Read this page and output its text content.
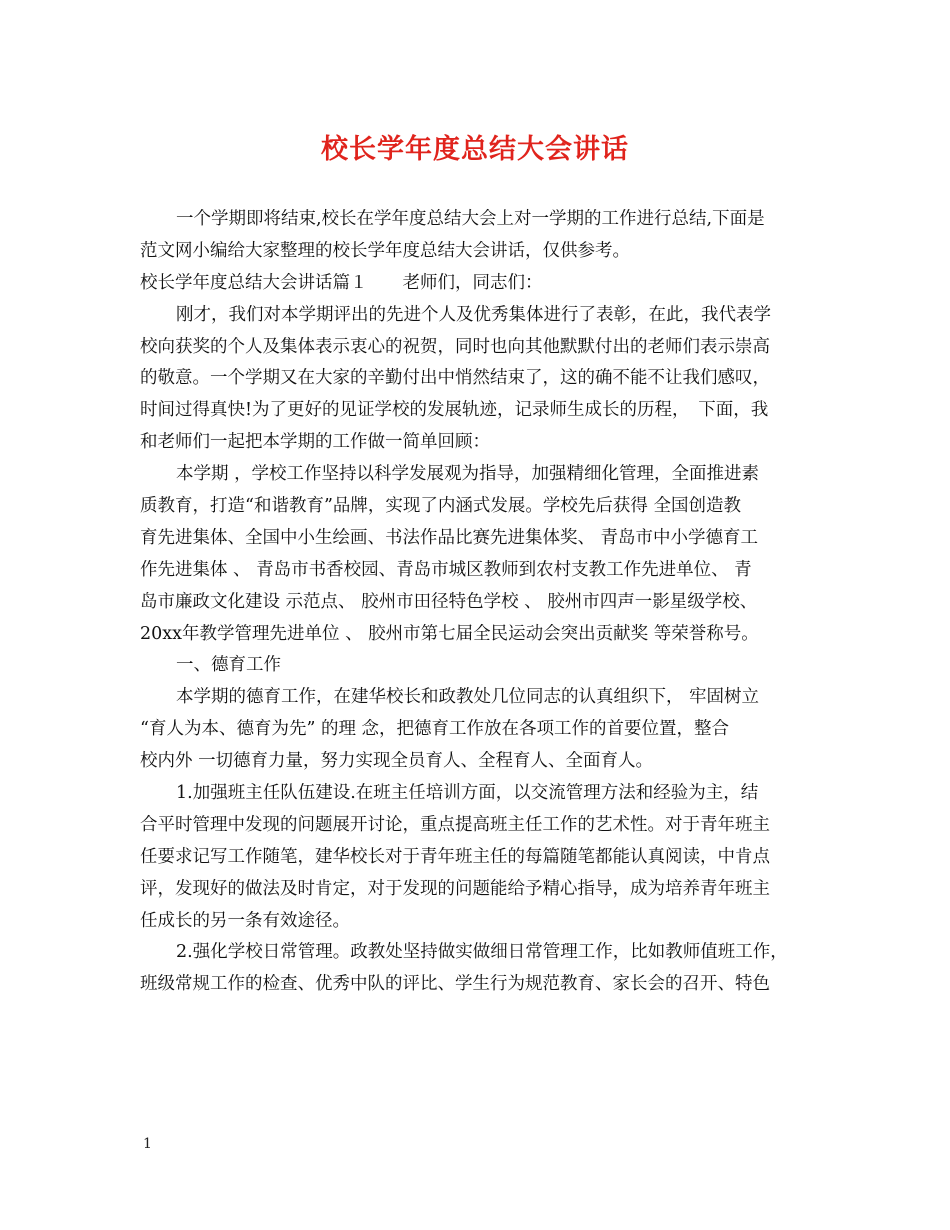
校长学年度总结大会讲话
一个学期即将结束,校长在学年度总结大会上对一学期的工作进行总结,下面是
范文网小编给大家整理的校长学年度总结大会讲话，仅供参考。
校长学年度总结大会讲话篇１　　老师们，同志们：
刚才，我们对本学期评出的先进个人及优秀集体进行了表彰，在此，我代表学
校向获奖的个人及集体表示衷心的祝贺，同时也向其他默默付出的老师们表示崇高
的敬意。一个学期又在大家的辛勤付出中悄然结束了，这的确不能不让我们感叹，
时间过得真快!为了更好的见证学校的发展轨迹，记录师生成长的历程，　下面，我
和老师们一起把本学期的工作做一简单回顾：
本学期 ，学校工作坚持以科学发展观为指导，加强精细化管理，全面推进素
质教育，打造“和谐教育”品牌，实现了内涵式发展。学校先后获得 全国创造教
育先进集体、全国中小生绘画、书法作品比赛先进集体奖、 青岛市中小学德育工
作先进集体 、 青岛市书香校园、青岛市城区教师到农村支教工作先进单位、 青
岛市廉政文化建设 示范点、 胶州市田径特色学校 、 胶州市四声一影星级学校、
20xx年教学管理先进单位 、 胶州市第七届全民运动会突出贡献奖 等荣誉称号。
一、德育工作
本学期的德育工作，在建华校长和政教处几位同志的认真组织下， 牢固树立
“育人为本、德育为先” 的理 念，把德育工作放在各项工作的首要位置，整合
校内外 一切德育力量，努力实现全员育人、全程育人、全面育人。
1.加强班主任队伍建设.在班主任培训方面，以交流管理方法和经验为主，结
合平时管理中发现的问题展开讨论，重点提高班主任工作的艺术性。对于青年班主
任要求记写工作随笔，建华校长对于青年班主任的每篇随笔都能认真阅读，中肯点
评，发现好的做法及时肯定，对于发现的问题能给予精心指导，成为培养青年班主
任成长的另一条有效途径。
2.强化学校日常管理。政教处坚持做实做细日常管理工作，比如教师值班工作，
班级常规工作的检查、优秀中队的评比、学生行为规范教育、家长会的召开、特色
1
